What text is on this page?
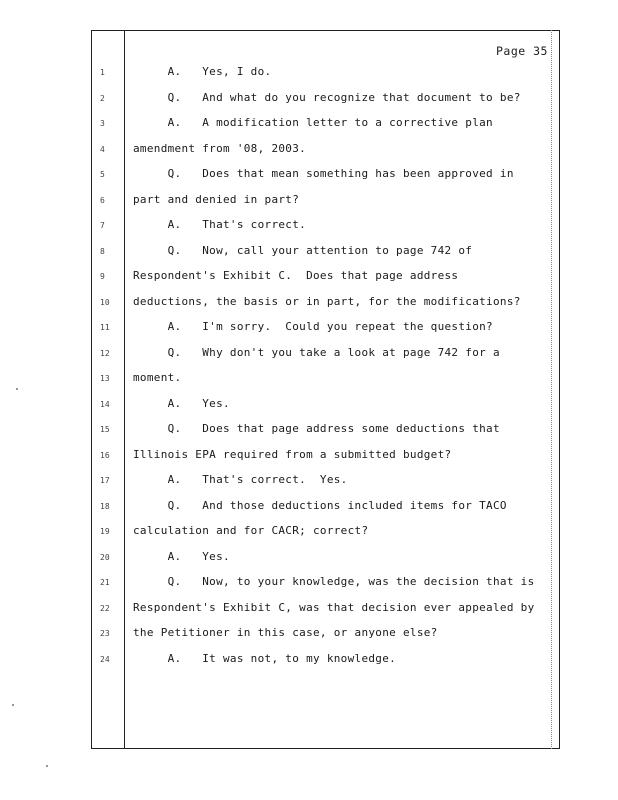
Page 35
1	A.   Yes, I do.
2	Q.   And what do you recognize that document to be?
3	A.   A modification letter to a corrective plan
4	amendment from '08, 2003.
5	Q.   Does that mean something has been approved in
6	part and denied in part?
7	A.   That's correct.
8	Q.   Now, call your attention to page 742 of
9	Respondent's Exhibit C.  Does that page address
10	deductions, the basis or in part, for the modifications?
11	A.   I'm sorry.  Could you repeat the question?
12	Q.   Why don't you take a look at page 742 for a
13	moment.
14	A.   Yes.
15	Q.   Does that page address some deductions that
16	Illinois EPA required from a submitted budget?
17	A.   That's correct.  Yes.
18	Q.   And those deductions included items for TACO
19	calculation and for CACR; correct?
20	A.   Yes.
21	Q.   Now, to your knowledge, was the decision that is
22	Respondent's Exhibit C, was that decision ever appealed by
23	the Petitioner in this case, or anyone else?
24	A.   It was not, to my knowledge.
